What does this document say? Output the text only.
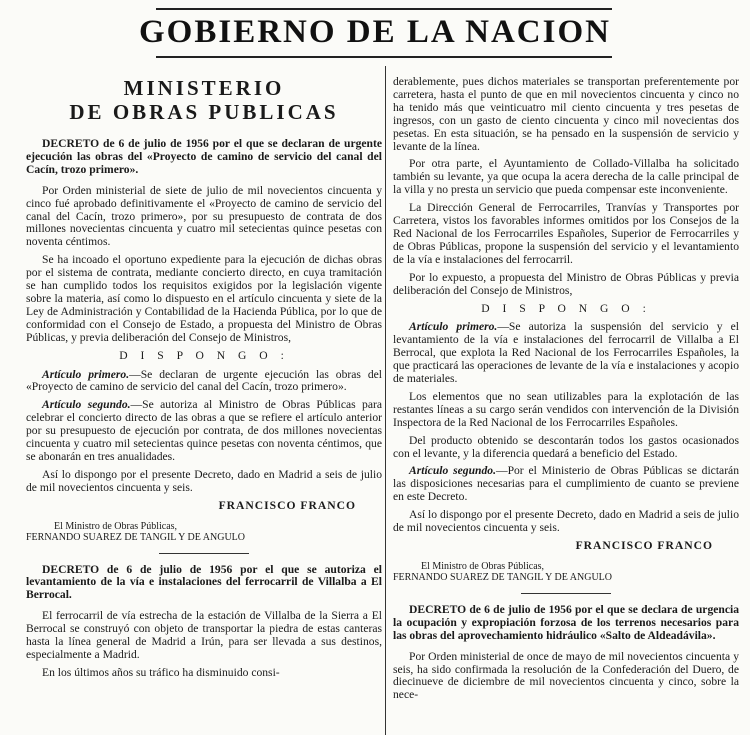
GOBIERNO DE LA NACION
MINISTERIO
DE OBRAS PUBLICAS

DECRETO de 6 de julio de 1956 por el que se declaran de urgente ejecución las obras del «Proyecto de camino de servicio del canal del Cacín, trozo primero».

Por Orden ministerial de siete de julio de mil novecientos cincuenta y cinco fué aprobado definitivamente el «Proyecto de camino de servicio del canal del Cacín, trozo primero», por su presupuesto de contrata de dos millones novecientas cincuenta y cuatro mil setecientas quince pesetas con noventa céntimos.

Se ha incoado el oportuno expediente para la ejecución de dichas obras por el sistema de contrata, mediante concierto directo, en cuya tramitación se han cumplido todos los requisitos exigidos por la legislación vigente sobre la materia, así como lo dispuesto en el artículo cincuenta y siete de la Ley de Administración y Contabilidad de la Hacienda Pública, por lo que de conformidad con el Consejo de Estado, a propuesta del Ministro de Obras Públicas, y previa deliberación del Consejo de Ministros,

D I S P O N G O :

Artículo primero.—Se declaran de urgente ejecución las obras del «Proyecto de camino de servicio del canal del Cacín, trozo primero».

Artículo segundo.—Se autoriza al Ministro de Obras Públicas para celebrar el concierto directo de las obras a que se refiere el artículo anterior por su presupuesto de ejecución por contrata, de dos millones novecientas cincuenta y cuatro mil setecientas quince pesetas con noventa céntimos, que se abonarán en tres anualidades.

Así lo dispongo por el presente Decreto, dado en Madrid a seis de julio de mil novecientos cincuenta y seis.

FRANCISCO FRANCO

El Ministro de Obras Públicas,
FERNANDO SUAREZ DE TANGIL Y DE ANGULO

DECRETO de 6 de julio de 1956 por el que se autoriza el levantamiento de la vía e instalaciones del ferrocarril de Villalba a El Berrocal.

El ferrocarril de vía estrecha de la estación de Villalba de la Sierra a El Berrocal se construyó con objeto de transportar la piedra de estas canteras hasta la línea general de Madrid a Irún, para ser llevada a sus destinos, especialmente a Madrid.

En los últimos años su tráfico ha disminuido consi-

derablemente, pues dichos materiales se transportan preferentemente por carretera, hasta el punto de que en mil novecientos cincuenta y cinco no ha tenido más que veinticuatro mil ciento cincuenta y tres pesetas de ingresos, con un gasto de ciento cincuenta y cinco mil novecientas dos pesetas. En esta situación, se ha pensado en la suspensión de servicio y levante de la línea.

Por otra parte, el Ayuntamiento de Collado-Villalba ha solicitado también su levante, ya que ocupa la acera derecha de la calle principal de la villa y no presta un servicio que pueda compensar este inconveniente.

La Dirección General de Ferrocarriles, Tranvías y Transportes por Carretera, vistos los favorables informes omitidos por los Consejos de la Red Nacional de los Ferrocarriles Españoles, Superior de Ferrocarriles y de Obras Públicas, propone la suspensión del servicio y el levantamiento de la vía e instalaciones del ferrocarril.

Por lo expuesto, a propuesta del Ministro de Obras Públicas y previa deliberación del Consejo de Ministros,

D I S P O N G O :

Artículo primero.—Se autoriza la suspensión del servicio y el levantamiento de la vía e instalaciones del ferrocarril de Villalba a El Berrocal, que explota la Red Nacional de los Ferrocarriles Españoles, la que practicará las operaciones de levante de la vía e instalaciones y acopio de materiales.

Los elementos que no sean utilizables para la explotación de las restantes líneas a su cargo serán vendidos con intervención de la División Inspectora de la Red Nacional de los Ferrocarriles Españoles.

Del producto obtenido se descontarán todos los gastos ocasionados con el levante, y la diferencia quedará a beneficio del Estado.

Artículo segundo.—Por el Ministerio de Obras Públicas se dictarán las disposiciones necesarias para el cumplimiento de cuanto se previene en este Decreto.

Así lo dispongo por el presente Decreto, dado en Madrid a seis de julio de mil novecientos cincuenta y seis.

FRANCISCO FRANCO

El Ministro de Obras Públicas,
FERNANDO SUAREZ DE TANGIL Y DE ANGULO

DECRETO de 6 de julio de 1956 por el que se declara de urgencia la ocupación y expropiación forzosa de los terrenos necesarios para las obras del aprovechamiento hidráulico «Salto de Aldeadávila».

Por Orden ministerial de once de mayo de mil novecientos cincuenta y seis, ha sido confirmada la resolución de la Confederación del Duero, de diecinueve de diciembre de mil novecientos cincuenta y cinco, sobre la nece-
